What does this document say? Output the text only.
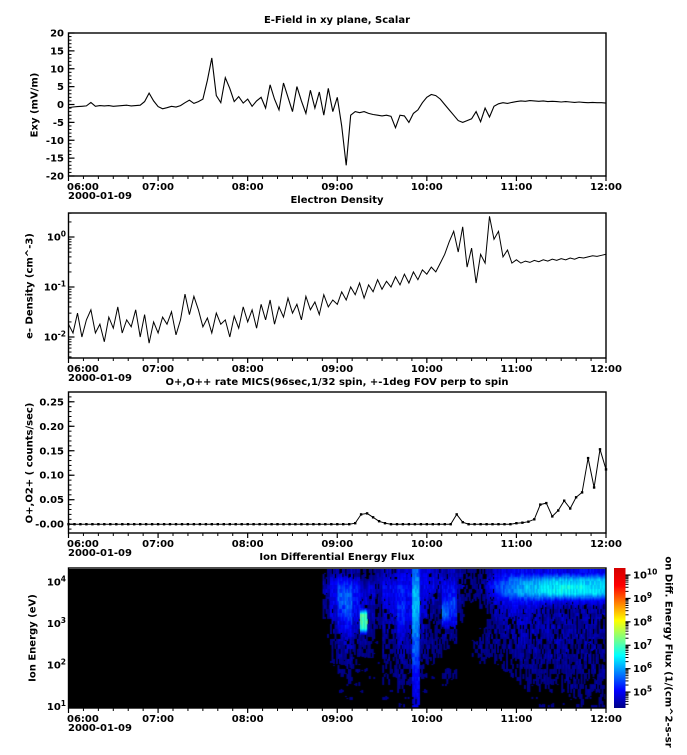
E-Field in xy plane, Scalar
Electron Density
O+,O++ rate MICS(96sec,1/32 spin, +-1deg FOV perp to spin
Ion Differential Energy Flux
Exy (mV/m)
e- Density (cm^-3)
O+,O2+ ( counts/sec)
Ion Energy (eV)
2000-01-09
2000-01-09
2000-01-09
2000-01-09	on Diff. Energy Flux (1/(cm^2-s-sr
06:00	07:00	08:00	09:00	10:00	11:00	12:00
20
15
10
5
0
-5
-10
-15
-20
06:00	07:00	08:00	09:00	10:00	11:00	12:00
$10^0$
$10^{-1}$
$10^{-2}$
06:00	07:00	08:00	09:00	10:00	11:00	12:00
0.25
0.20
0.15
0.10
0.05
-0.00
06:00	07:00	08:00	09:00	10:00	11:00	12:00
$10^4$
$10^3$
$10^2$
$10^1$
$10^{10}$
$10^9$
$10^8$
$10^7$
$10^6$
$10^5$
